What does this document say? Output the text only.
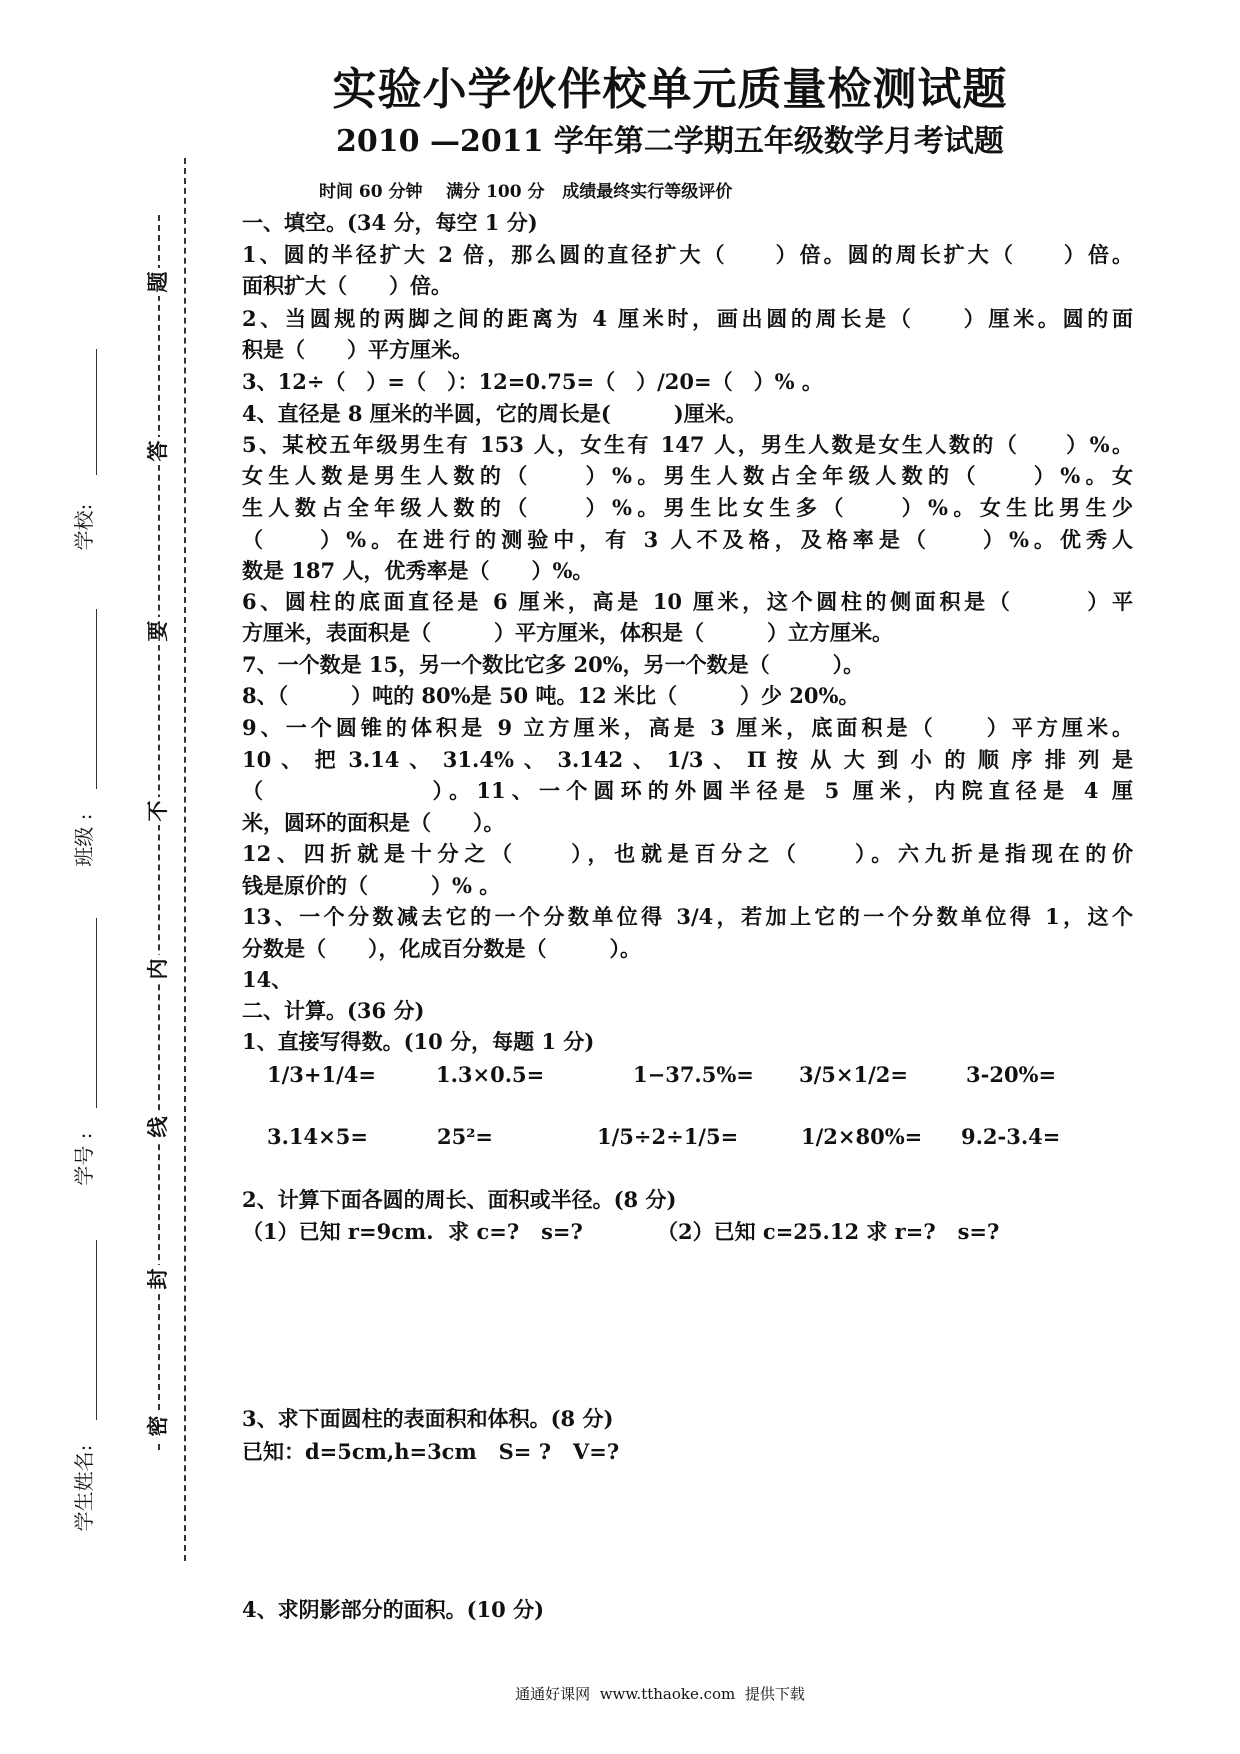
实验小学伙伴校单元质量检测试题
2010 —2011 学年第二学期五年级数学月考试题
时间 60 分钟    满分 100 分   成绩最终实行等级评价
题
答
要
不
内
线
封
密
学校:
班级 :
学号 :
学生姓名:
一、填空。(34 分，每空 1 分)
1、圆的半径扩大 2 倍，那么圆的直径扩大（　　）倍。圆的周长扩大（　　）倍。
面积扩大（　　）倍。
2、当圆规的两脚之间的距离为 4 厘米时，画出圆的周长是（　　）厘米。圆的面
积是（　　）平方厘米。
3、12÷（　）=（　）：12=0.75=（　）/20=（　）% 。
4、直径是 8 厘米的半圆，它的周长是(　　　)厘米。
5、某校五年级男生有 153 人，女生有 147 人，男生人数是女生人数的（　　）%。
女生人数是男生人数的（　　）%。男生人数占全年级人数的（　　）%。女
生人数占全年级人数的（　　）%。男生比女生多（　　）%。女生比男生少
（　　）%。在进行的测验中，有 3 人不及格，及格率是（　　）%。优秀人
数是 187 人，优秀率是（　　）%。
6、圆柱的底面直径是 6 厘米，高是 10 厘米，这个圆柱的侧面积是（　　　）平
方厘米，表面积是（　　　）平方厘米，体积是（　　　）立方厘米。
7、一个数是 15，另一个数比它多 20%，另一个数是（　　　）。
8、（　　　）吨的 80%是 50 吨。12 米比（　　　）少 20%。
9、一个圆锥的体积是 9 立方厘米，高是 3 厘米，底面积是（　　）平方厘米。
10 、 把 3.14 、 31.4% 、 3.142 、 1/3 、 Π 按 从 大 到 小 的 顺 序 排 列 是
（　　　　　　）。11、一个圆环的外圆半径是 5 厘米，内院直径是 4 厘
米，圆环的面积是（　　）。
12、四折就是十分之（　　），也就是百分之（　　）。六九折是指现在的价
钱是原价的（　　　）% 。
13、一个分数减去它的一个分数单位得 3/4，若加上它的一个分数单位得 1，这个
分数是（　　），化成百分数是（　　　）。
14、
二、计算。(36 分)
1、直接写得数。(10 分，每题 1 分)
1/3+1/4=	1.3×0.5=	1−37.5%= 3/5×1/2=	3-20%=
3.14×5=	25²=	1/5÷2÷1/5=	1/2×80%= 9.2-3.4=
2、计算下面各圆的周长、面积或半径。(8 分)
（1）已知 r=9cm.  求 c=?   s=?	（2）已知 c=25.12 求 r=?   s=?
3、求下面圆柱的表面积和体积。(8 分)
已知：d=5cm,h=3cm   S= ?   V=?
4、求阴影部分的面积。(10 分)
通通好课网  www.tthaoke.com  提供下载
